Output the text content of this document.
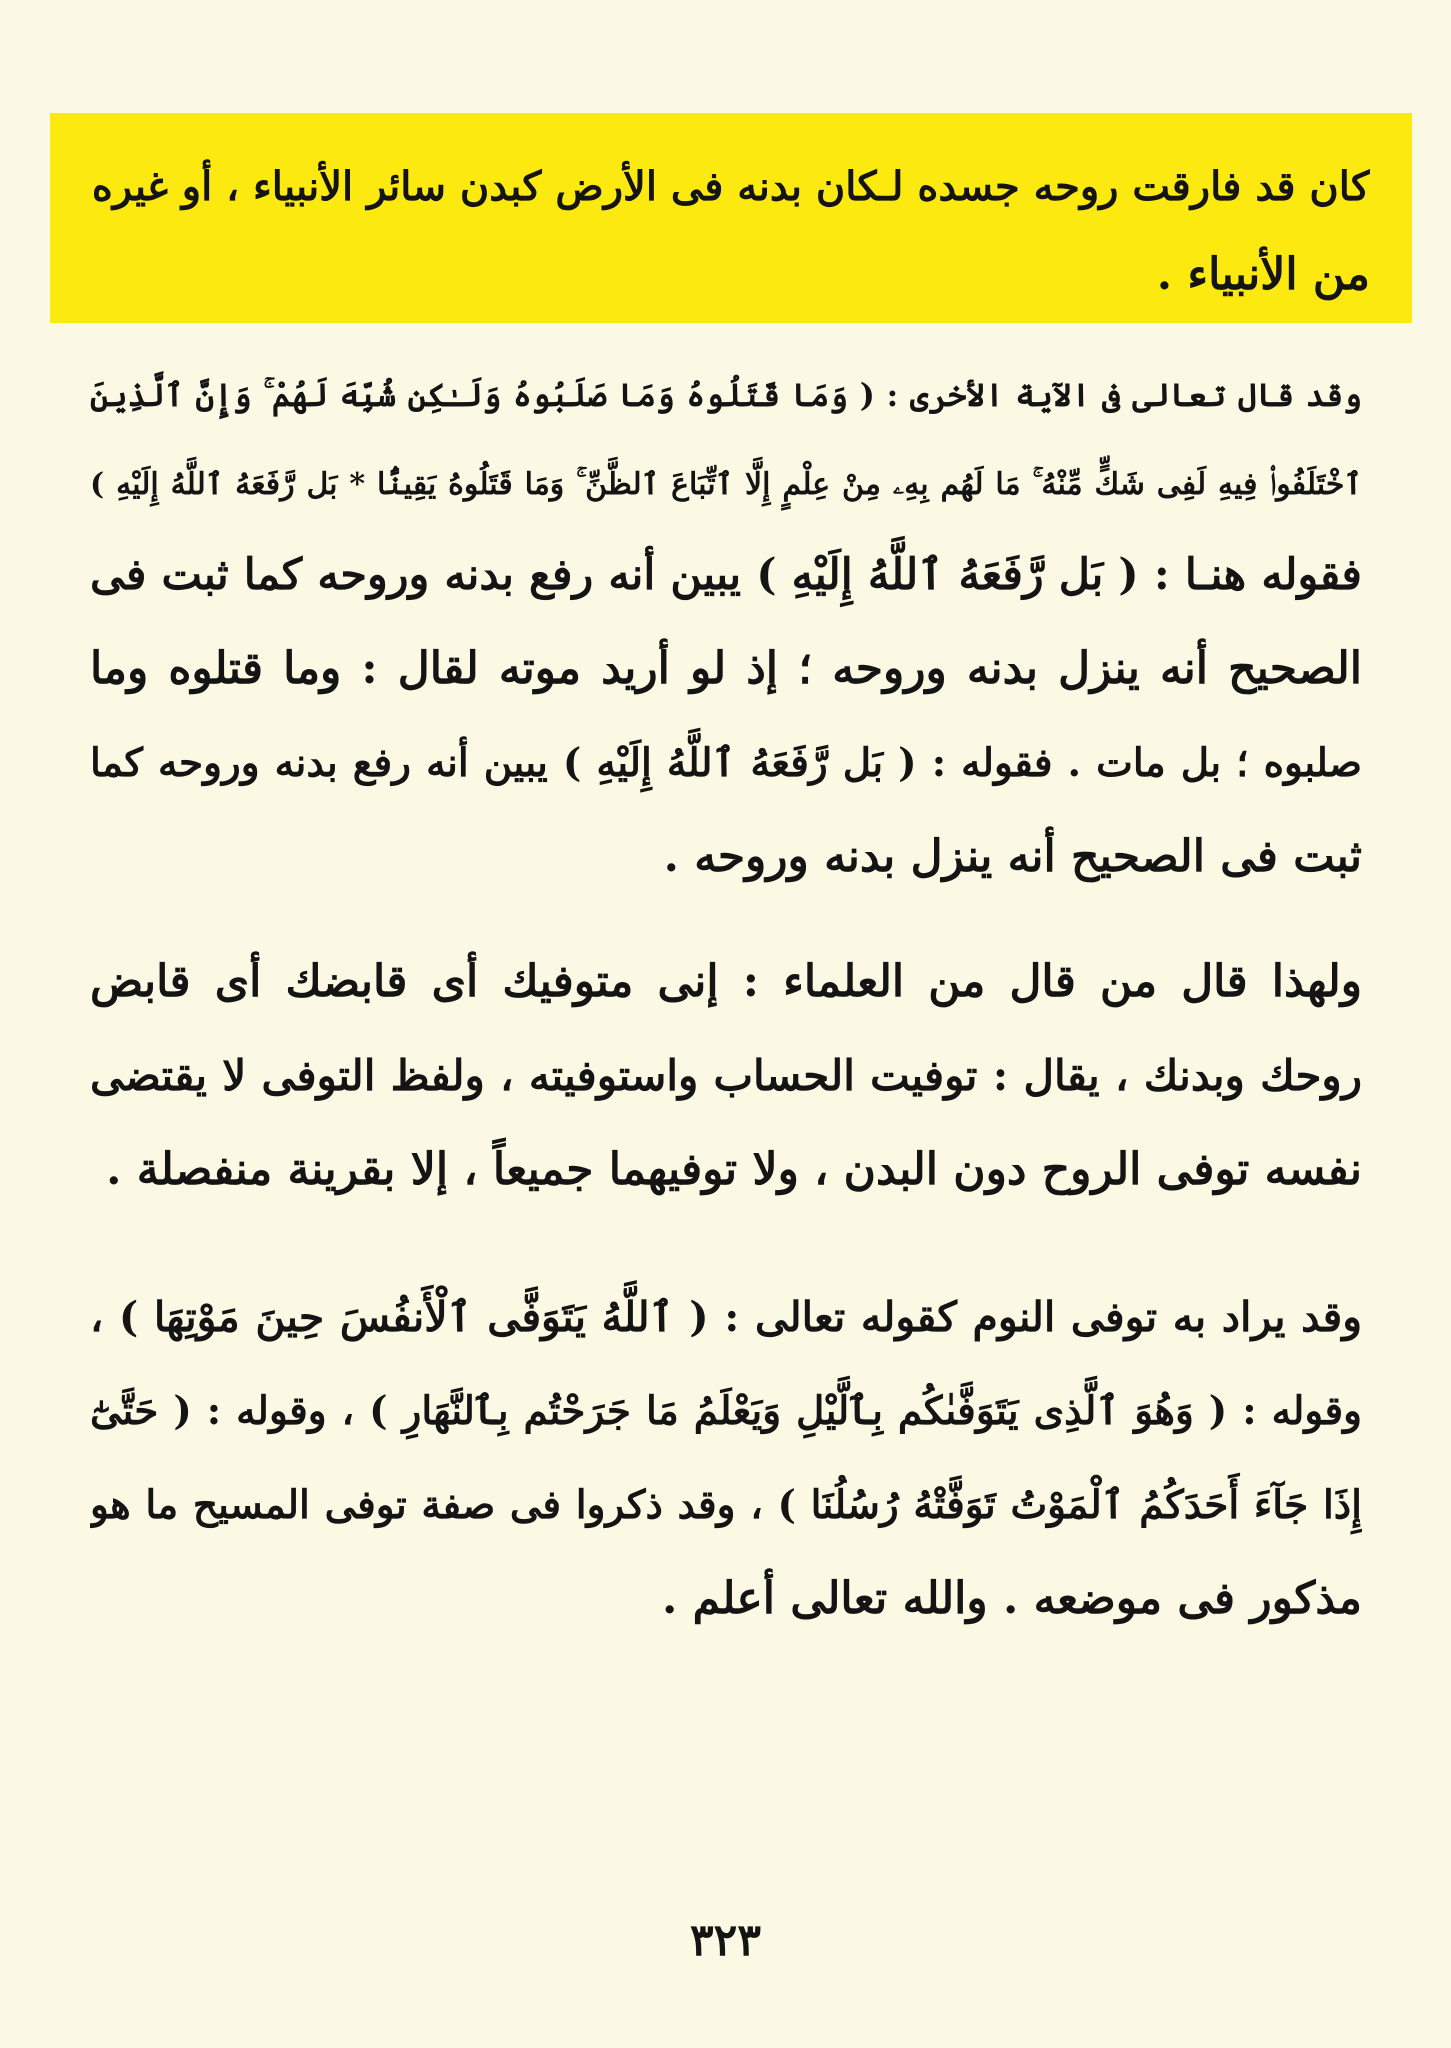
كان قد فارقت روحه جسده لـكان بدنه فى الأرض كبدن سائر الأنبياء ، أو غيره
من الأنبياء .
وقد قال تعالى فى الآية الأخرى : ( وَمَا قَتَلُوهُ وَمَا صَلَبُوهُ وَلَـٰكِن شُبِّهَ لَهُمْ ۚ وَإِنَّ ٱلَّذِينَ
ٱخْتَلَفُوا۟ فِيهِ لَفِى شَكٍّ مِّنْهُ ۚ مَا لَهُم بِهِۦ مِنْ عِلْمٍ إِلَّا ٱتِّبَاعَ ٱلظَّنِّ ۚ وَمَا قَتَلُوهُ يَقِينًۢا * بَل رَّفَعَهُ ٱللَّهُ إِلَيْهِ )
فقوله هنـا : ( بَل رَّفَعَهُ ٱللَّهُ إِلَيْهِ ) يبين أنه رفع بدنه وروحه كما ثبت فى
الصحيح أنه ينزل بدنه وروحه ؛ إذ لو أريد موته لقال : وما قتلوه وما
صلبوه ؛ بل مات . فقوله : ( بَل رَّفَعَهُ ٱللَّهُ إِلَيْهِ ) يبين أنه رفع بدنه وروحه كما
ثبت فى الصحيح أنه ينزل بدنه وروحه .
ولهذا قال من قال من العلماء : إنى متوفيك أى قابضك أى قابض
روحك وبدنك ، يقال : توفيت الحساب واستوفيته ، ولفظ التوفى لا يقتضى
نفسه توفى الروح دون البدن ، ولا توفيهما جميعاً ، إلا بقرينة منفصلة .
وقد يراد به توفى النوم كقوله تعالى : ( ٱللَّهُ يَتَوَفَّى ٱلْأَنفُسَ حِينَ مَوْتِهَا ) ،
وقوله : ( وَهُوَ ٱلَّذِى يَتَوَفَّىٰكُم بِٱلَّيْلِ وَيَعْلَمُ مَا جَرَحْتُم بِٱلنَّهَارِ ) ، وقوله : ( حَتَّىٰٓ
إِذَا جَآءَ أَحَدَكُمُ ٱلْمَوْتُ تَوَفَّتْهُ رُسُلُنَا ) ، وقد ذكروا فى صفة توفى المسيح ما هو
مذكور فى موضعه . والله تعالى أعلم .
٣٢٣
